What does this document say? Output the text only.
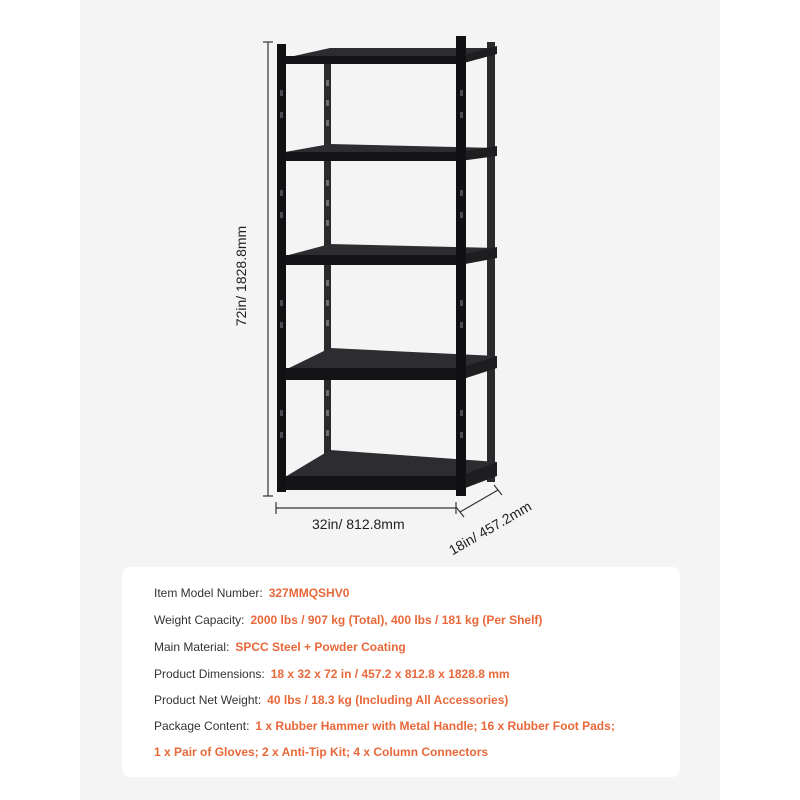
72in/ 1828.8mm
32in/ 812.8mm	18in/ 457.2mm
Item Model Number: 327MMQSHV0
Weight Capacity: 2000 lbs / 907 kg (Total), 400 lbs / 181 kg (Per Shelf)
Main Material: SPCC Steel + Powder Coating
Product Dimensions: 18 x 32 x 72 in / 457.2 x 812.8 x 1828.8 mm
Product Net Weight: 40 lbs / 18.3 kg (Including All Accessories)
Package Content: 1 x Rubber Hammer with Metal Handle; 16 x Rubber Foot Pads;
1 x Pair of Gloves; 2 x Anti-Tip Kit; 4 x Column Connectors
